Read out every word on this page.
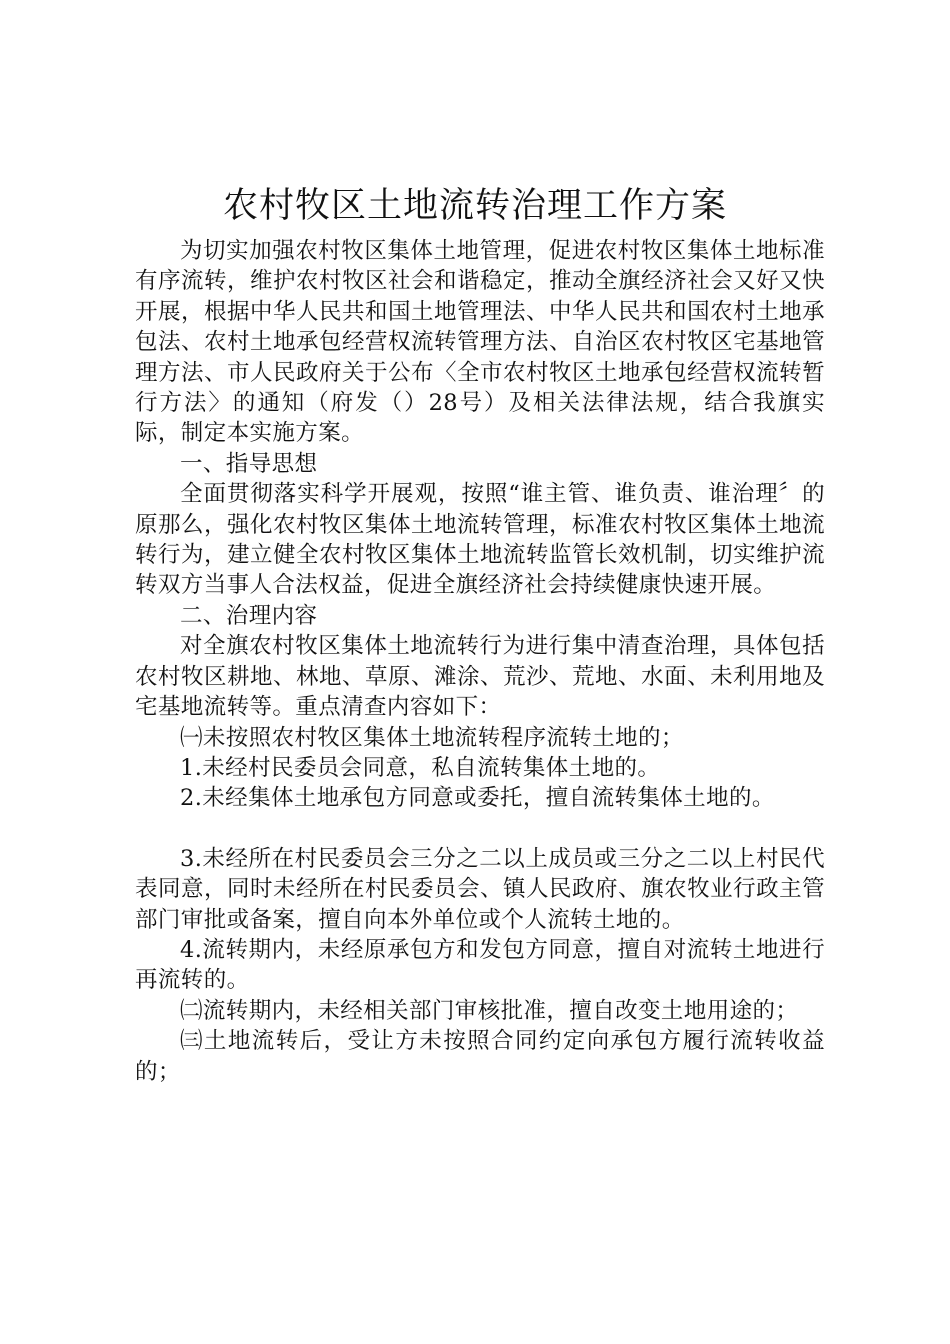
农村牧区土地流转治理工作方案

为切实加强农村牧区集体土地管理，促进农村牧区集体土地标准有序流转，维护农村牧区社会和谐稳定，推动全旗经济社会又好又快开展，根据中华人民共和国土地管理法、中华人民共和国农村土地承包法、农村土地承包经营权流转管理方法、自治区农村牧区宅基地管理方法、市人民政府关于公布〈全市农村牧区土地承包经营权流转暂行方法〉的通知（府发（）28号）及相关法律法规，结合我旗实际，制定本实施方案。

一、指导思想

全面贯彻落实科学开展观，按照“谁主管、谁负责、谁治理〞的原那么，强化农村牧区集体土地流转管理，标准农村牧区集体土地流转行为，建立健全农村牧区集体土地流转监管长效机制，切实维护流转双方当事人合法权益，促进全旗经济社会持续健康快速开展。

二、治理内容

对全旗农村牧区集体土地流转行为进行集中清查治理，具体包括农村牧区耕地、林地、草原、滩涂、荒沙、荒地、水面、未利用地及宅基地流转等。重点清查内容如下：

㈠未按照农村牧区集体土地流转程序流转土地的；

1.未经村民委员会同意，私自流转集体土地的。

2.未经集体土地承包方同意或委托，擅自流转集体土地的。

3.未经所在村民委员会三分之二以上成员或三分之二以上村民代表同意，同时未经所在村民委员会、镇人民政府、旗农牧业行政主管部门审批或备案，擅自向本外单位或个人流转土地的。

4.流转期内，未经原承包方和发包方同意，擅自对流转土地进行再流转的。

㈡流转期内，未经相关部门审核批准，擅自改变土地用途的；

㈢土地流转后，受让方未按照合同约定向承包方履行流转收益的；
